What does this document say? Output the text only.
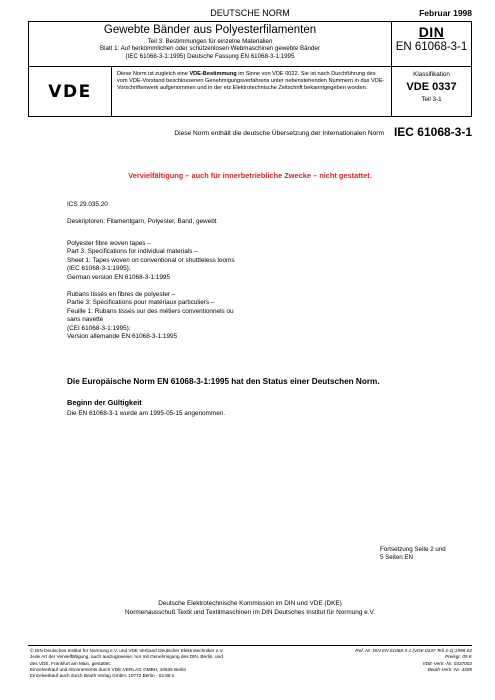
DEUTSCHE NORM	Februar 1998
Gewebte Bänder aus Polyesterfilamenten
Teil 3: Bestimmungen für einzelne Materialien
Blatt 1: Auf herkömmlichen oder schützenlosen Webmaschinen gewebte Bänder
(IEC 61068-3-1:1995) Deutsche Fassung EN 61068-3-1:1995
DIN
EN 61068-3-1
VDE
Diese Norm ist zugleich eine VDE-Bestimmung im Sinne von VDE 0022. Sie ist nach Durchführung des vom VDE-Vorstand beschlossenen Genehmigungsverfahrens unter nebenstehenden Nummern in das VDE-Vorschriftenwerk aufgenommen und in der etz Elektrotechnische Zeitschrift bekanntgegeben worden.
Klassifikation
VDE 0337
Teil 3-1
Diese Norm enthält die deutsche Übersetzung der Internationalen Norm IEC 61068-3-1
Vervielfältigung – auch für innerbetriebliche Zwecke – nicht gestattet.
ICS 29.035.20
Deskriptoren: Filamentgarn, Polyester, Band, gewebt
Polyester fibre woven tapes –
Part 3: Specifications for individual materials –
Sheet 1: Tapes woven on conventional or shuttleless looms
(IEC 61068-3-1:1995);
German version EN 61068-3-1:1995
Rubans tissés en fibres de polyester –
Partie 3: Spécifications pour matériaux particuliers –
Feuille 1: Rubans tissés sur des métiers conventionnels ou
sans navette
(CEI 61068-3-1:1995);
Version allemande EN 61068-3-1:1995
Die Europäische Norm EN 61068-3-1:1995 hat den Status einer Deutschen Norm.
Beginn der Gültigkeit
Die EN 61068-3-1 wurde am 1995-05-15 angenommen.
Fortsetzung Seite 2 und
5 Seiten EN
Deutsche Elektrotechnische Kommission im DIN und VDE (DKE)
Normenausschuß Textil und Textilmaschinen im DIN Deutsches Institut für Normung e.V.
© DIN Deutsches Institut für Normung e.V. und VDE Verband Deutscher Elektrotechniker e.V.
Jede Art der Vervielfältigung, auch auszugsweise, nur mit Genehmigung des DIN, Berlin, und
des VDE, Frankfurt am Main, gestattet.
Einzelverkauf und Abonnements durch VDE-VERLAG GMBH, 10625 Berlin
Einzelverkauf auch durch Beuth Verlag GmbH, 10772 Berlin · 02.98 s
Ref. Nr. DIN EN 61068-3-1 (VDE 0337 Teil 3-1):1998-02
Preisgr. 05 K
VDE-Vertr.-Nr. 0337002
Beuth-Vertr.-Nr. 3305
